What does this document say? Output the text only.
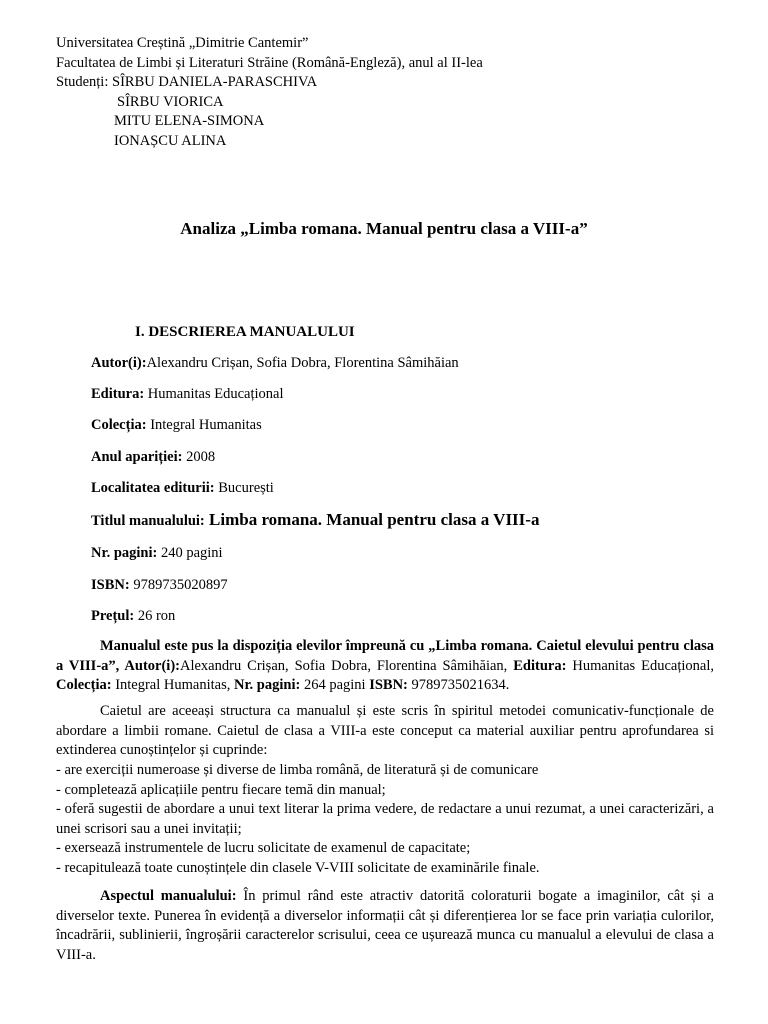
Universitatea Creștină „Dimitrie Cantemir”
Facultatea de Limbi și Literaturi Străine (Română-Engleză), anul al II-lea
Studenți: SÎRBU DANIELA-PARASCHIVA
SÎRBU VIORICA
MITU ELENA-SIMONA
IONAȘCU ALINA
Analiza „Limba romana. Manual pentru clasa a VIII-a”
I. DESCRIEREA MANUALULUI
Autor(i):Alexandru Crișan, Sofia Dobra, Florentina Sâmihăian
Editura: Humanitas Educațional
Colecția: Integral Humanitas
Anul apariției: 2008
Localitatea editurii: București
Titlul manualului: Limba romana. Manual pentru clasa a VIII-a
Nr. pagini: 240 pagini
ISBN: 9789735020897
Prețul: 26 ron
Manualul este pus la dispoziția elevilor împreună cu „Limba romana. Caietul elevului pentru clasa a VIII-a”, Autor(i):Alexandru Crișan, Sofia Dobra, Florentina Sâmihăian, Editura: Humanitas Educațional, Colecția: Integral Humanitas, Nr. pagini: 264 pagini ISBN: 9789735021634.
Caietul are aceeași structura ca manualul și este scris în spiritul metodei comunicativ-funcționale de abordare a limbii romane. Caietul de clasa a VIII-a este conceput ca material auxiliar pentru aprofundarea si extinderea cunoștințelor și cuprinde:
- are exerciții numeroase și diverse de limba română, de literatură și de comunicare
- completează aplicațiile pentru fiecare temă din manual;
- oferă sugestii de abordare a unui text literar la prima vedere, de redactare a unui rezumat, a unei caracterizări, a unei scrisori sau a unei invitații;
- exersează instrumentele de lucru solicitate de examenul de capacitate;
- recapitulează toate cunoștințele din clasele V-VIII solicitate de examinările finale.
Aspectul manualului: În primul rând este atractiv datorită coloraturii bogate a imaginilor, cât și a diverselor texte. Punerea în evidență a diverselor informații cât și diferențierea lor se face prin variația culorilor, încadrării, sublinierii, îngroșării caracterelor scrisului, ceea ce ușurează munca cu manualul a elevului de clasa a VIII-a.
